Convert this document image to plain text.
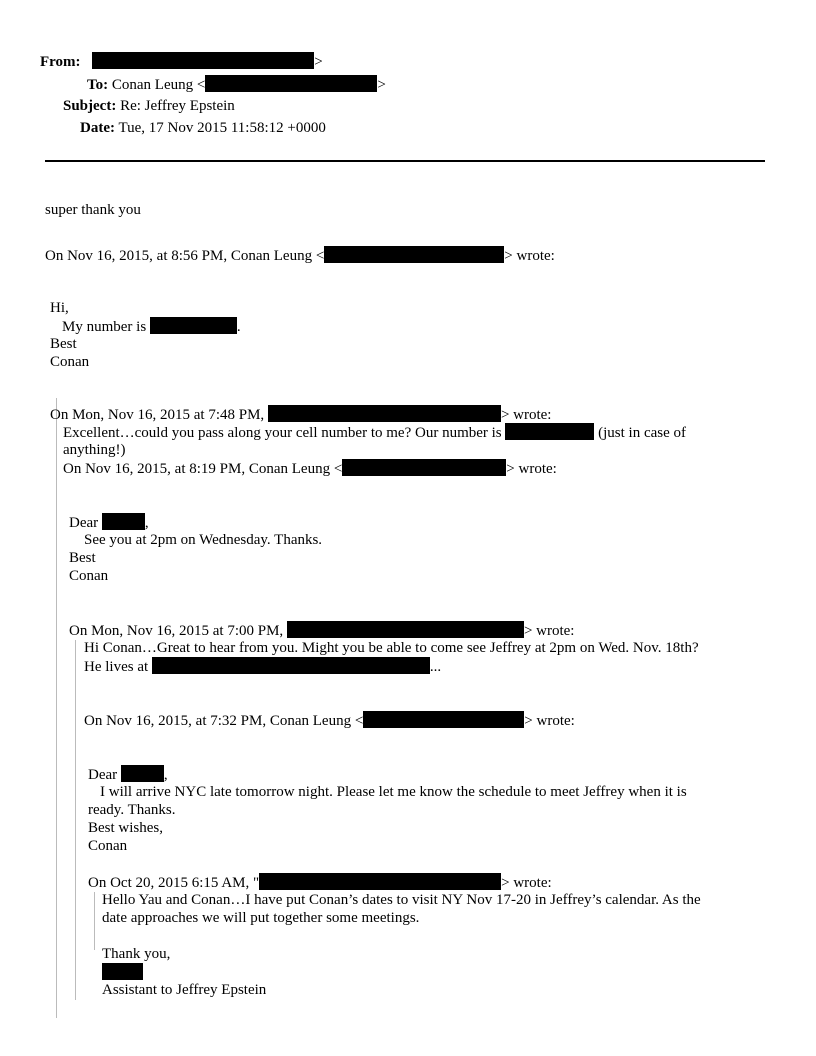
From:	>
To: Conan Leung <	>
Subject: Re: Jeffrey Epstein
Date: Tue, 17 Nov 2015 11:58:12 +0000
super thank you
On Nov 16, 2015, at 8:56 PM, Conan Leung <	> wrote:
Hi,
My number is	.
Best
Conan
On Mon, Nov 16, 2015 at 7:48 PM,	> wrote:
Excellent…could you pass along your cell number to me? Our number is	(just in case of
anything!)
On Nov 16, 2015, at 8:19 PM, Conan Leung <	> wrote:
Dear	,
See you at 2pm on Wednesday. Thanks.
Best
Conan
On Mon, Nov 16, 2015 at 7:00 PM,	> wrote:
Hi Conan…Great to hear from you. Might you be able to come see Jeffrey at 2pm on Wed. Nov. 18th?
He lives at	...
On Nov 16, 2015, at 7:32 PM, Conan Leung <	> wrote:
Dear	,
I will arrive NYC late tomorrow night. Please let me know the schedule to meet Jeffrey when it is
ready. Thanks.
Best wishes,
Conan
On Oct 20, 2015 6:15 AM, "	> wrote:
Hello Yau and Conan…I have put Conan’s dates to visit NY Nov 17-20 in Jeffrey’s calendar. As the
date approaches we will put together some meetings.
Thank you,
Assistant to Jeffrey Epstein
